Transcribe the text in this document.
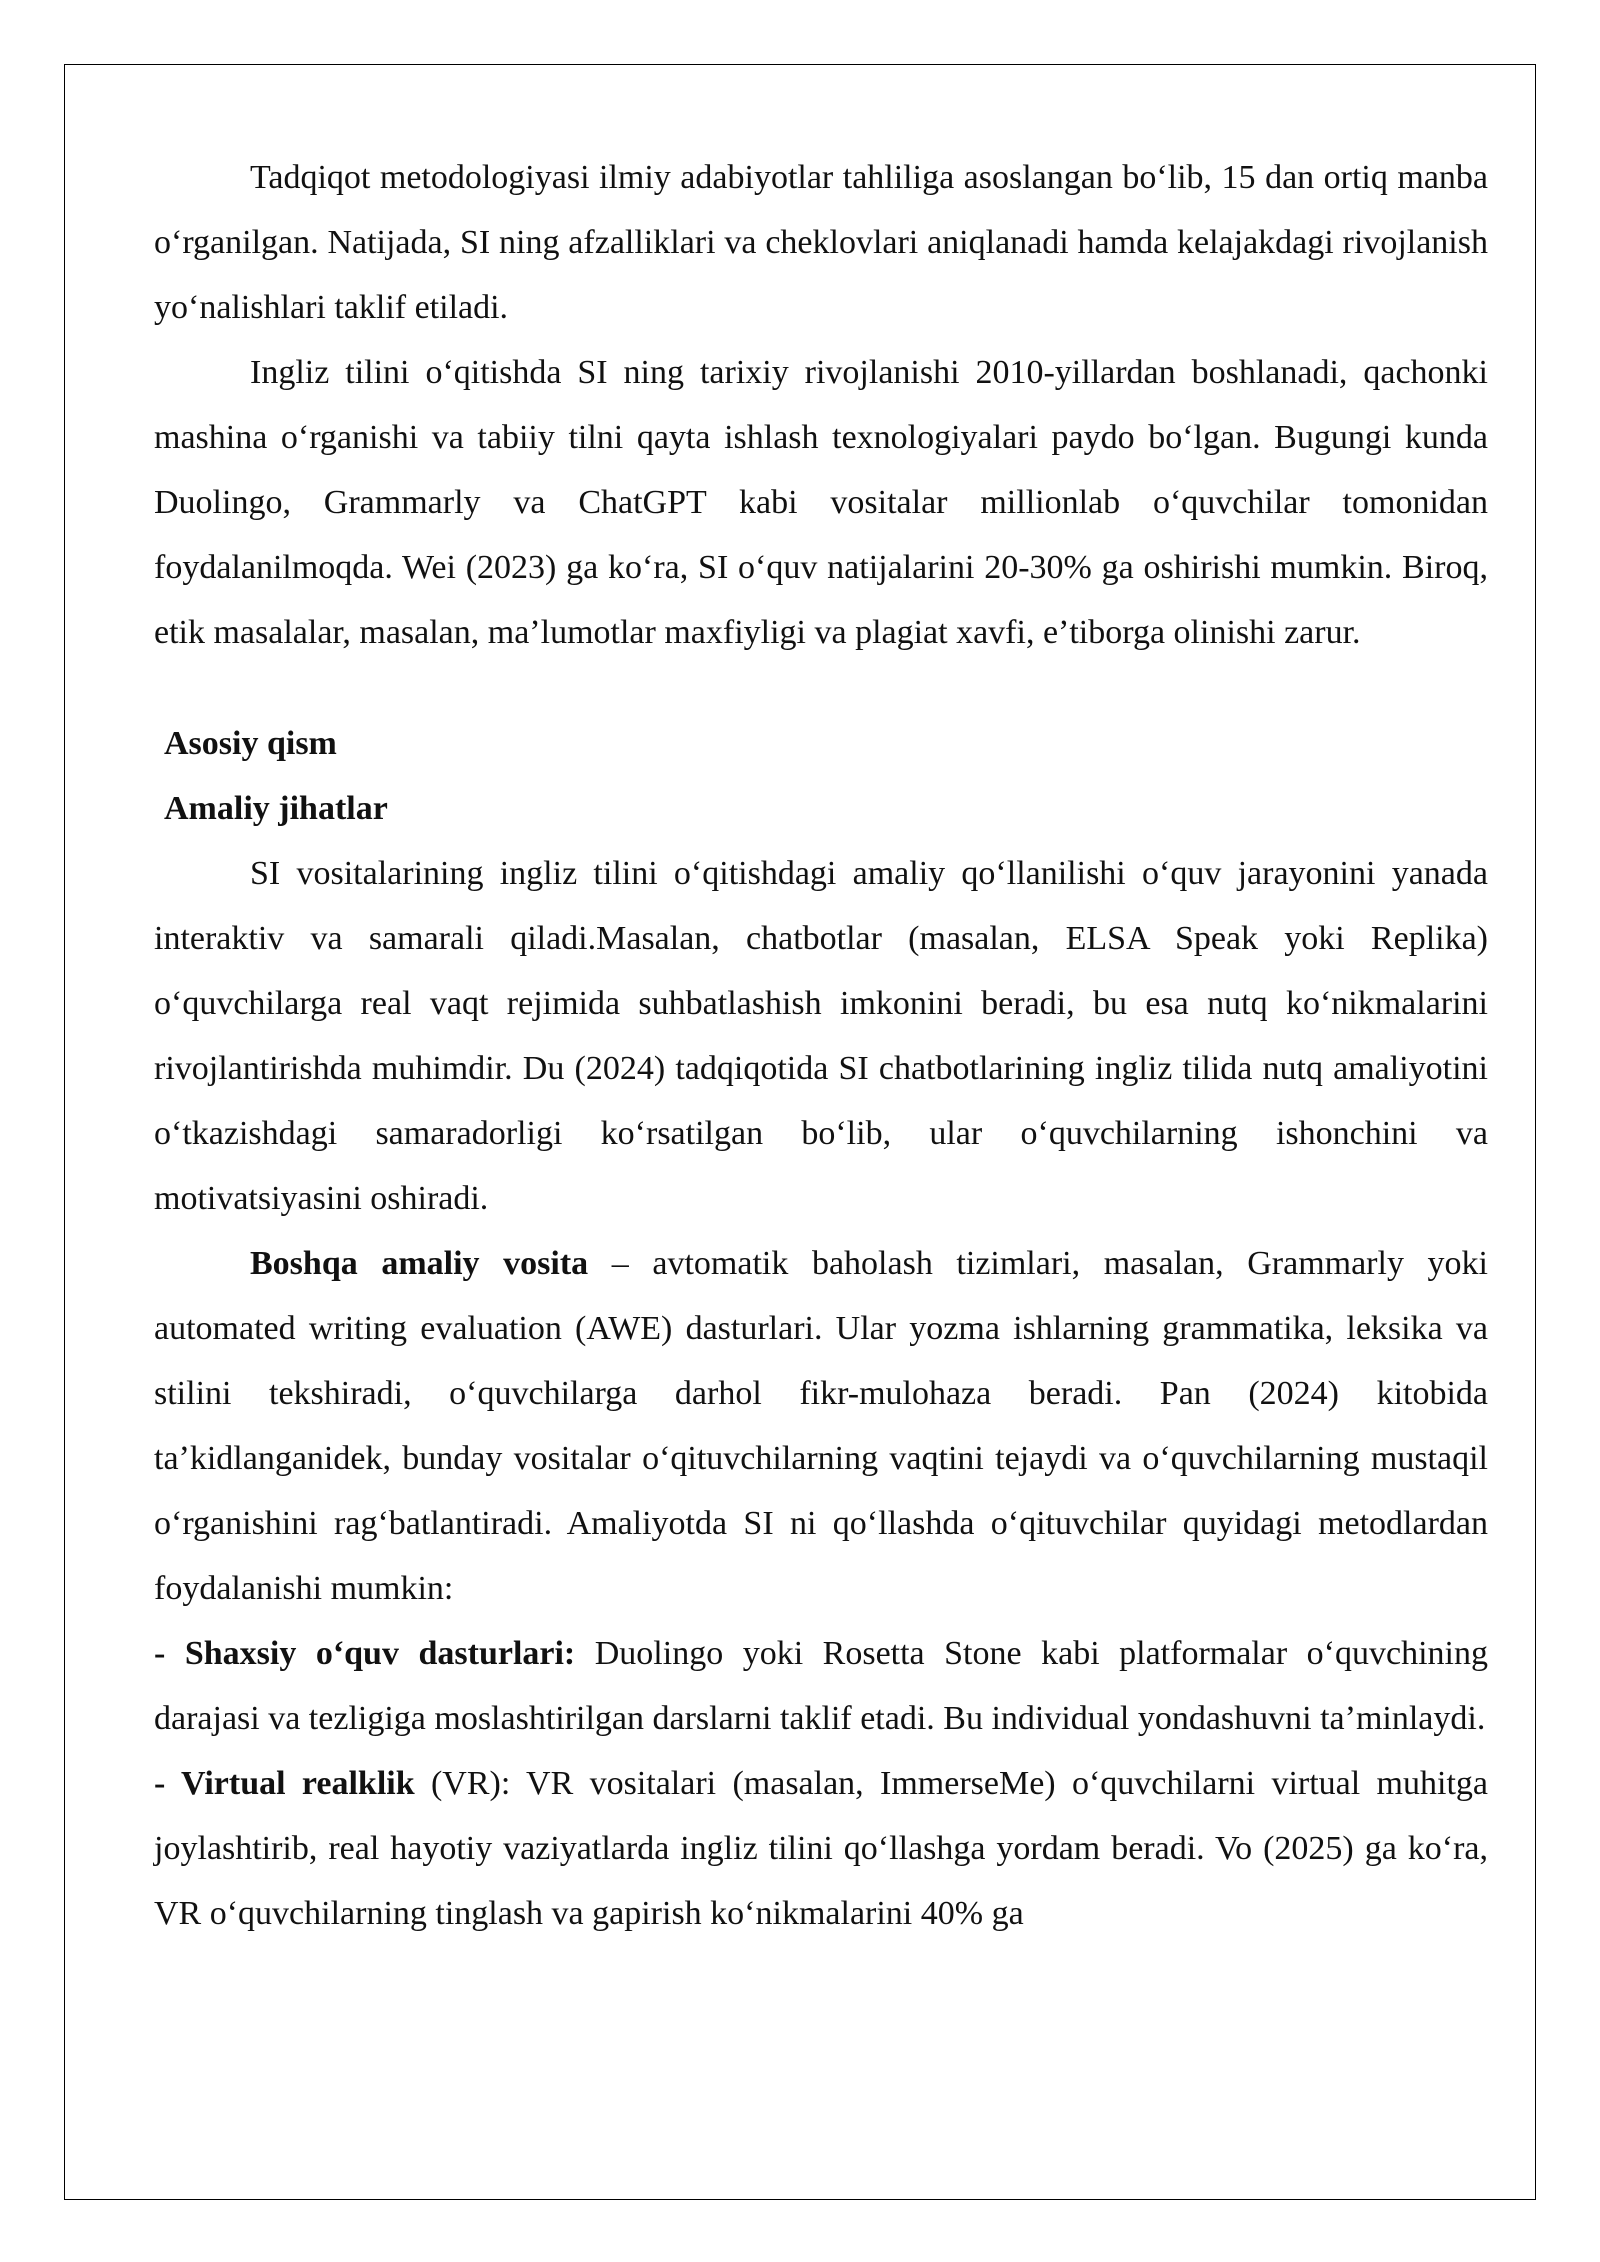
Tadqiqot metodologiyasi ilmiy adabiyotlar tahliliga asoslangan boʻlib, 15 dan ortiq manba oʻrganilgan. Natijada, SI ning afzalliklari va cheklovlari aniqlanadi hamda kelajakdagi rivojlanish yoʻnalishlari taklif etiladi.

Ingliz tilini oʻqitishda SI ning tarixiy rivojlanishi 2010-yillardan boshlanadi, qachonki mashina oʻrganishi va tabiiy tilni qayta ishlash texnologiyalari paydo boʻlgan. Bugungi kunda Duolingo, Grammarly va ChatGPT kabi vositalar millionlab oʻquvchilar tomonidan foydalanilmoqda. Wei (2023) ga koʻra, SI oʻquv natijalarini 20-30% ga oshirishi mumkin. Biroq, etik masalalar, masalan, maʼlumotlar maxfiyligi va plagiat xavfi, eʼtiborga olinishi zarur.

Asosiy qism

Amaliy jihatlar

SI vositalarining ingliz tilini oʻqitishdagi amaliy qoʻllanilishi oʻquv jarayonini yanada interaktiv va samarali qiladi.Masalan, chatbotlar (masalan, ELSA Speak yoki Replika) oʻquvchilarga real vaqt rejimida suhbatlashish imkonini beradi, bu esa nutq koʻnikmalarini rivojlantirishda muhimdir. Du (2024) tadqiqotida SI chatbotlarining ingliz tilida nutq amaliyotini oʻtkazishdagi samaradorligi koʻrsatilgan boʻlib, ular oʻquvchilarning ishonchini va motivatsiyasini oshiradi.

Boshqa amaliy vosita – avtomatik baholash tizimlari, masalan, Grammarly yoki automated writing evaluation (AWE) dasturlari. Ular yozma ishlarning grammatika, leksika va stilini tekshiradi, oʻquvchilarga darhol fikr-mulohaza beradi. Pan (2024) kitobida taʼkidlanganidek, bunday vositalar oʻqituvchilarning vaqtini tejaydi va oʻquvchilarning mustaqil oʻrganishini ragʻbatlantiradi. Amaliyotda SI ni qoʻllashda oʻqituvchilar quyidagi metodlardan foydalanishi mumkin:

- Shaxsiy oʻquv dasturlari: Duolingo yoki Rosetta Stone kabi platformalar oʻquvchining darajasi va tezligiga moslashtirilgan darslarni taklif etadi. Bu individual yondashuvni taʼminlaydi.

- Virtual realklik (VR): VR vositalari (masalan, ImmerseMe) oʻquvchilarni virtual muhitga joylashtirib, real hayotiy vaziyatlarda ingliz tilini qoʻllashga yordam beradi. Vo (2025) ga koʻra, VR oʻquvchilarning tinglash va gapirish koʻnikmalarini 40% ga
